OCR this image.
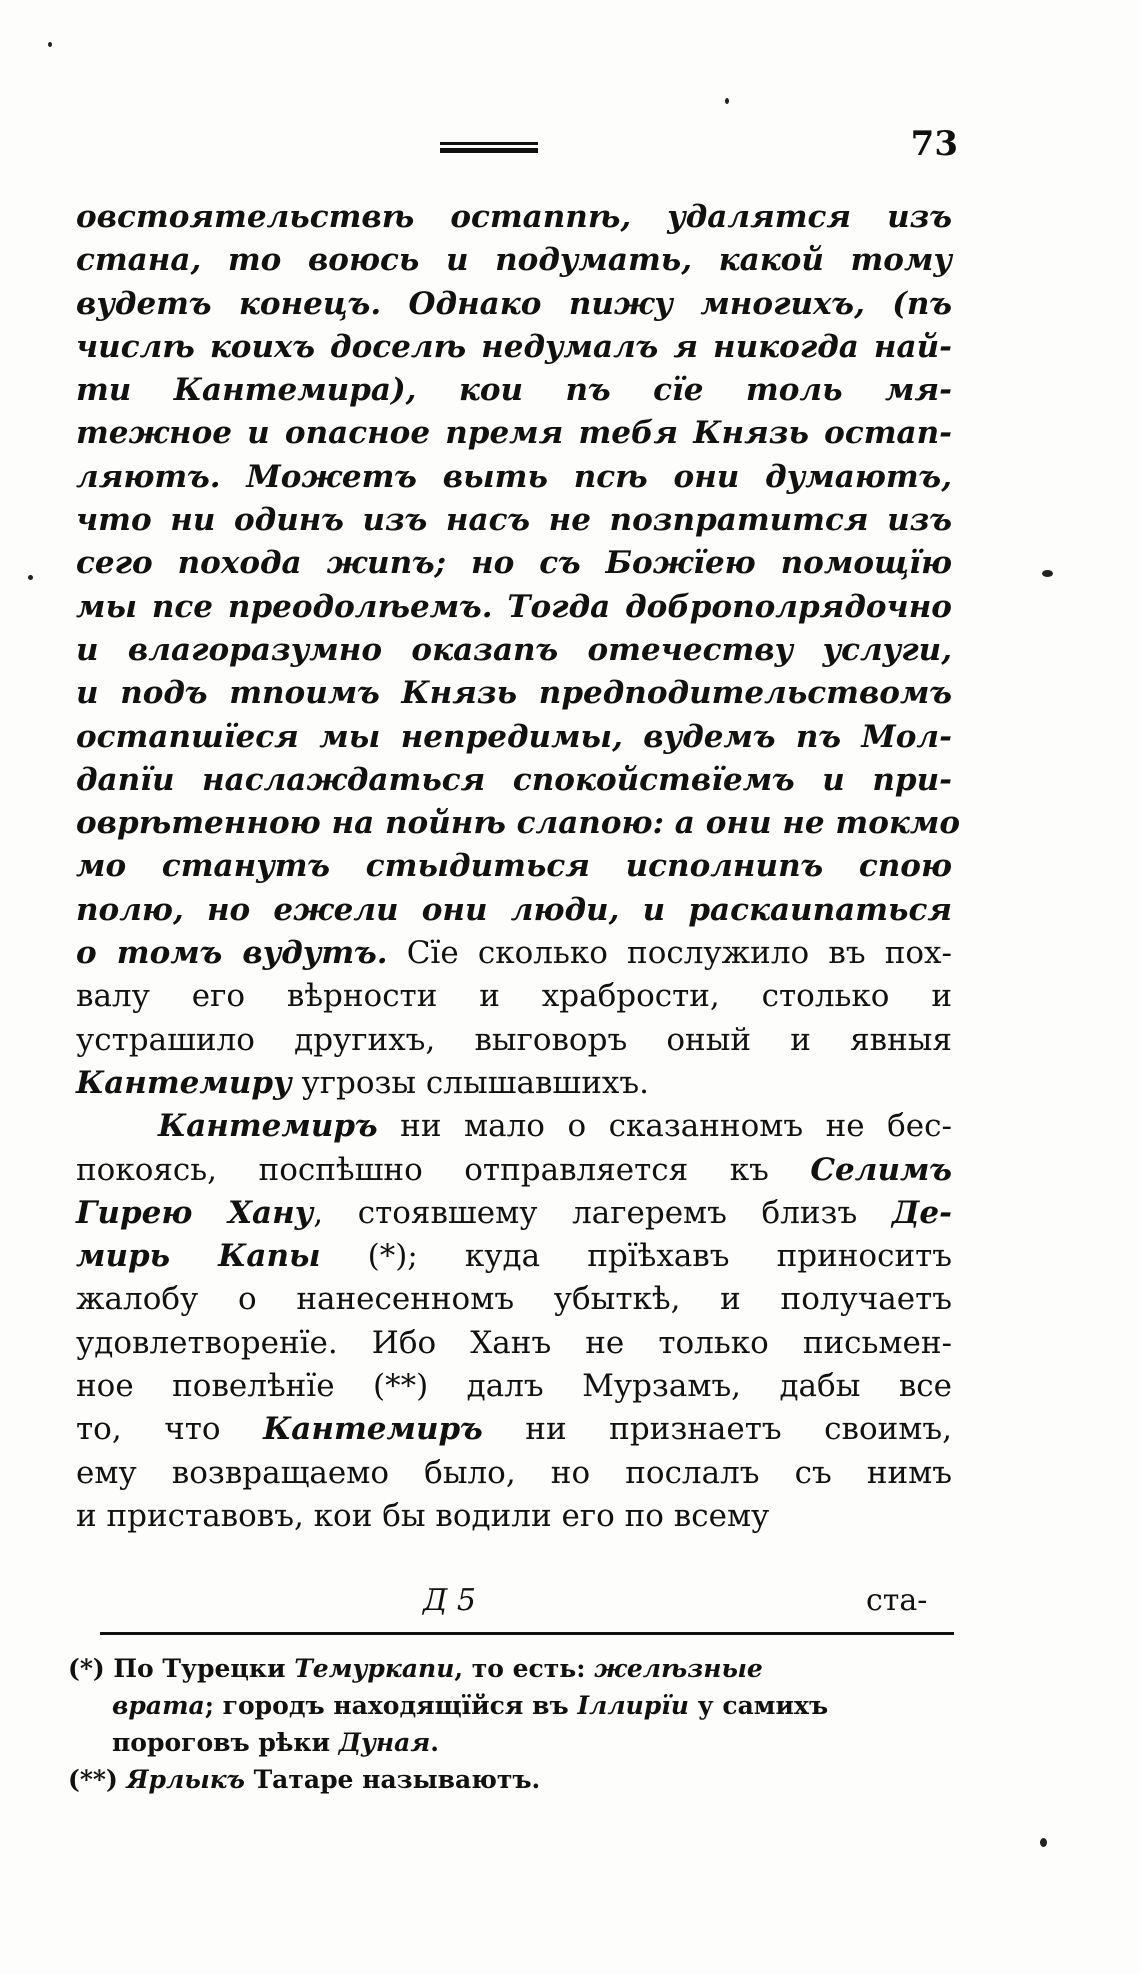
73
овстоятельствѣ остаппѣ, удалятся изъ
стана, то воюсь и подумать, какой тому
вудетъ конецъ. Однако пижу многихъ, (пъ
числѣ коихъ доселѣ недумалъ я никогда най-
ти Кантемира), кои пъ сїе толь мя-
тежное и опасное премя тебя Князь остап-
ляютъ. Можетъ выть псѣ они думаютъ,
что ни одинъ изъ насъ не позпратится изъ
сего похода жипъ; но съ Божїею помощїю
мы псе преодолѣемъ. Тогда доброполрядочно
и влагоразумно оказапъ отечеству услуги,
и подъ тпоимъ Князь предподительствомъ
остапшїеся мы непредимы, вудемъ пъ Мол-
дапїи наслаждаться спокойствїемъ и при-
оврѣтенною на пойнѣ слапою: а они не токмо
мо станутъ стыдиться исполнипъ спою
полю, но ежели они люди, и раскаипаться
о томъ вудутъ. Сїе сколько послужило въ пох-
валу его вѣрности и храбрости, столько и
устрашило другихъ, выговоръ оный и явныя
Кантемиру угрозы слышавшихъ.
Кантемиръ ни мало о сказанномъ не бес-
покоясь, поспѣшно отправляется къ Селимъ
Гирею Хану, стоявшему лагеремъ близъ Де-
мирь Капы (*); куда прїѣхавъ приноситъ
жалобу о нанесенномъ убыткѣ, и получаетъ
удовлетворенїе. Ибо Ханъ не только письмен-
ное повелѣнїе (**) далъ Мурзамъ, дабы все
то, что Кантемиръ ни признаетъ своимъ,
ему возвращаемо было, но послалъ съ нимъ
и приставовъ, кои бы водили его по всему
Д 5	ста-
(*) По Турецки Темуркапи, то есть: желѣзные
врата; городъ находящїйся въ Іллирїи у самихъ
пороговъ рѣки Дуная.
(**) Ярлыкъ Татаре называютъ.
